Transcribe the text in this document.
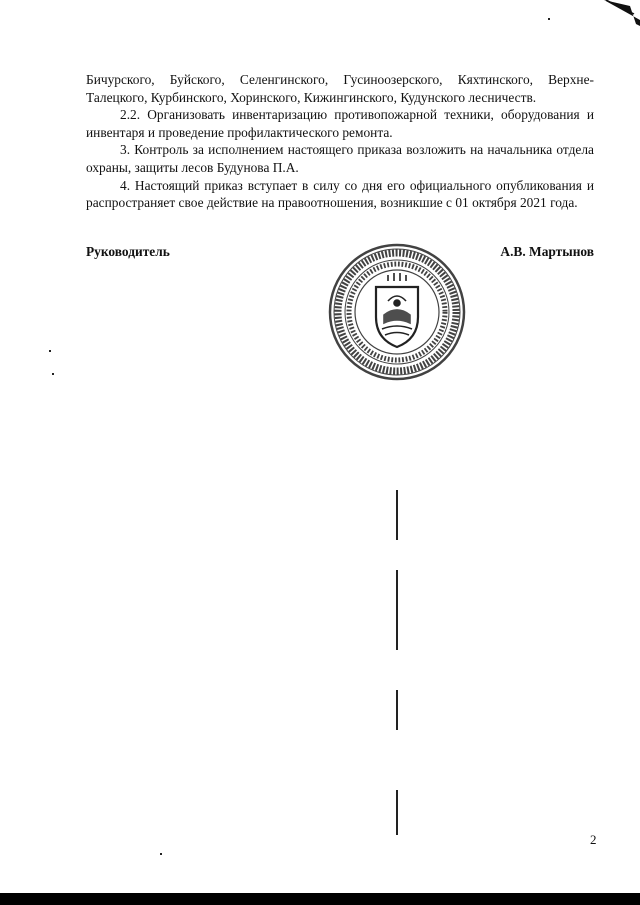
Бичурского, Буйского, Селенгинского, Гусиноозерского, Кяхтинского, Верхне-Талецкого, Курбинского, Хоринского, Кижингинского, Кудунского лесничеств.

2.2. Организовать инвентаризацию противопожарной техники, оборудования и инвентаря и проведение профилактического ремонта.

3. Контроль за исполнением настоящего приказа возложить на начальника отдела охраны, защиты лесов Будунова П.А.

4. Настоящий приказ вступает в силу со дня его официального опубликования и распространяет свое действие на правоотношения, возникшие с 01 октября 2021 года.

Руководитель	А.В. Мартынов
2
